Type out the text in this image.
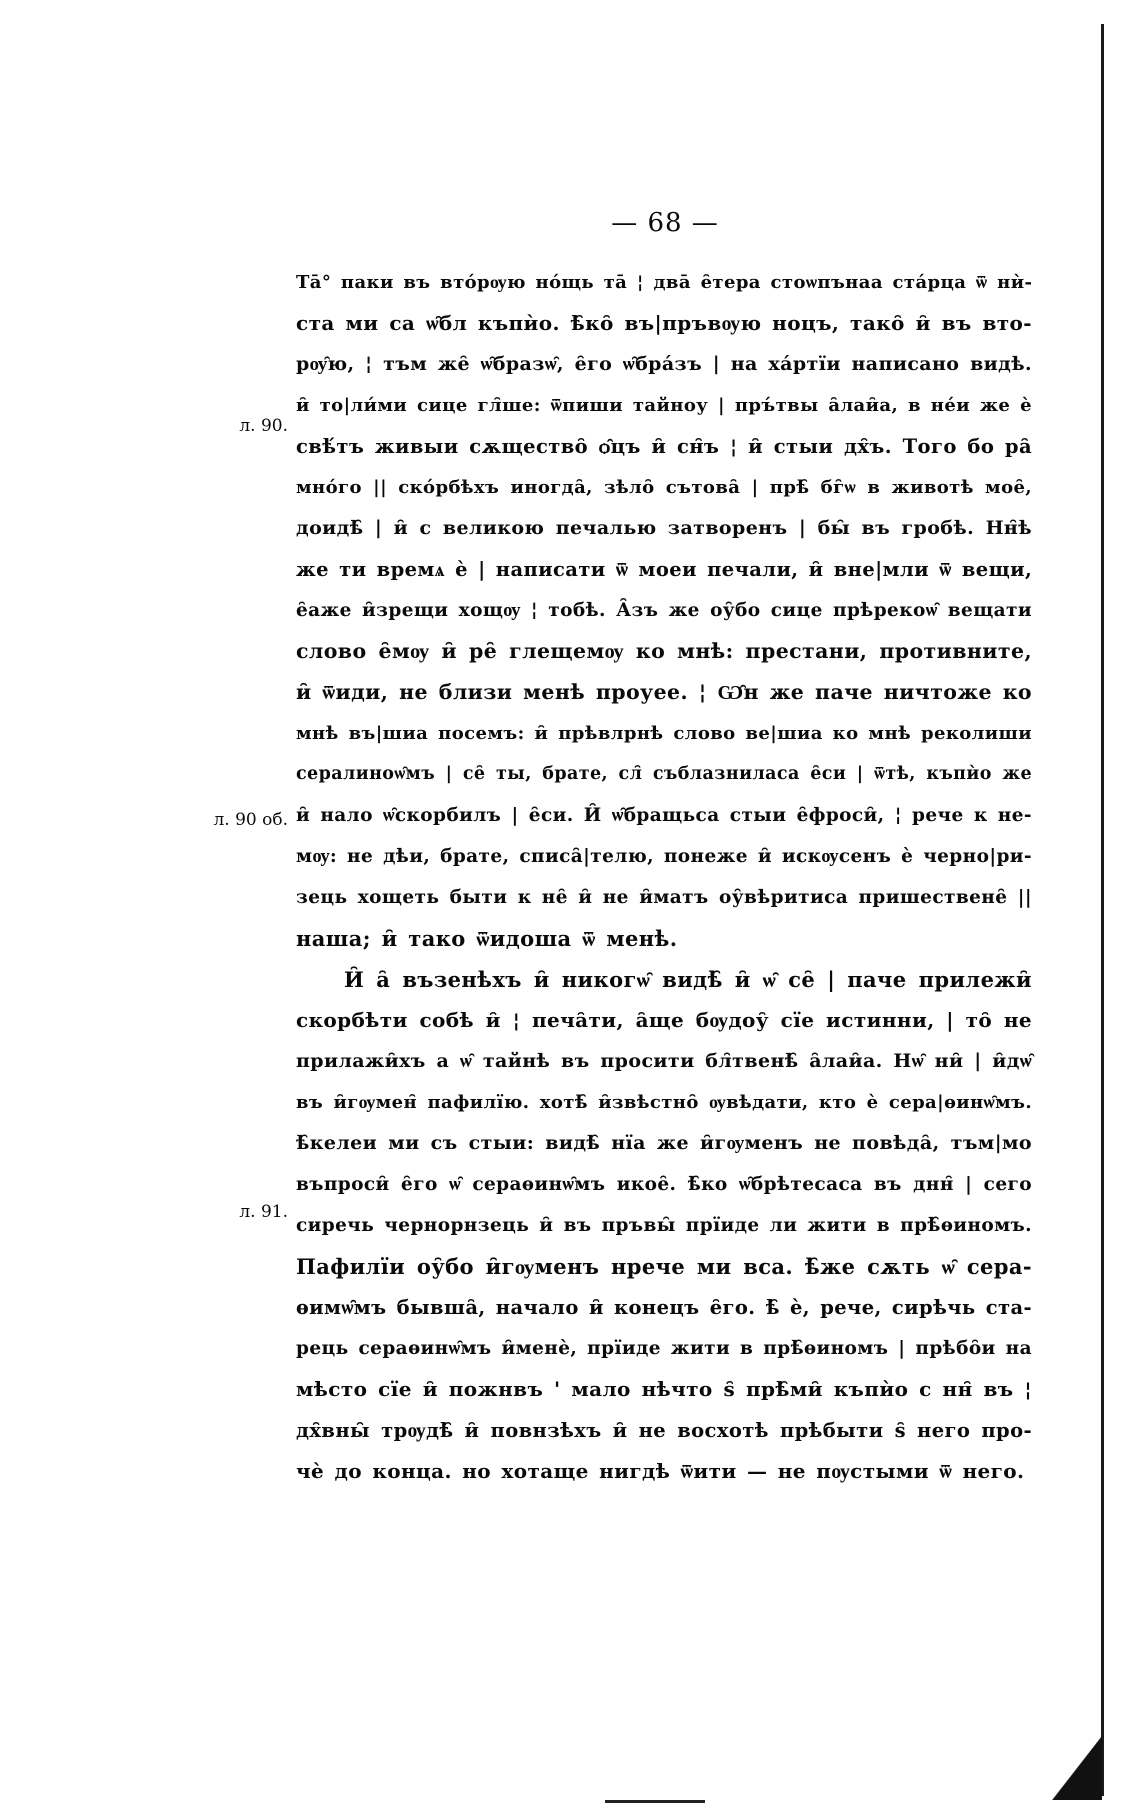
— 68 —
л. 90.
л. 90 об.
л. 91.
Тā° паки въ вто́рѹю но́щь тā ¦ двā е̑тера стоѡпънаа ста́рца ѿ нѝ-
ста ми са ѡ̑бл къпѝо. ѣ̑ко̑ въ|пръвѹю ноцъ, тако̑ и̑ въ вто-
рѹ̑ю, ¦ тъм же̑ ѡ̑бразѡ̑, е̑го ѡ̑бра́зъ | на ха́ртїи написано видѣ.
и̑ то|ли́ми сице гл̑ше: ѿпиши тайноу | пръ́твы а̑лаи̑а, в не́и же ѐ
свѣ́тъ живыи сѫщество̑ ѻ̑цъ и̑ сн̑ъ ¦ и̑ стыи дх̑ъ. Того бо ра̑
мно́го || ско́рбѣхъ иногда̑, зѣло̑ сътова̑ | прѣ̑ бг̑ѡ в животѣ мое̑,
доидѣ̑ | и̑ с великою печалью затворенъ | бы̑ въ гробѣ. Нн̑ѣ
же ти времѧ ѐ | написати ѿ моеи печали, и̑ вне|мли ѿ вещи,
е̑аже и̑зрещи хощѹ ¦ тобѣ. А̑зъ же оу̑бо сице прѣрекоѡ̑ вещати
слово е̑мѹ и̑ ре̑ глещемѹ ко мнѣ: престани, противните,
и̑ ѿиди, не близи менѣ проуее. ¦ Ѡ̑н же паче ничтоже ко
мнѣ въ|шиа посемъ: и̑ прѣвлрнѣ слово ве|шиа ко мнѣ реколиши
сералиноѡ̑мъ | се̑ ты, брате, сл̑ съблазниласа е̑си | ѿтѣ, къпѝо же
и̑ нало ѡ̑скорбилъ | е̑си. И̑ ѡ̑бращьса стыи е̑фроси̑, ¦ рече к не-
мѹ: не дѣи, брате, списа̑|телю, понеже и̑ искѹсенъ ѐ черно|ри-
зець хощеть быти к не̑ и̑ не и̑матъ оу̑вѣритиса пришествене̑ ||
наша; и̑ тако ѿидоша ѿ менѣ.
И̑ а̑ възенѣхъ и̑ никогѡ̑ видѣ̑ и̑ ѡ̑ се̑ | паче прилежи̑
скорбѣти собѣ и̑ ¦ печа̑ти, а̑ще бѹдоу̑ сїе истинни, | то̑ не
прилажи̑хъ а ѡ̑ тайнѣ въ просити бл̑твенѣ̑ а̑лаи̑а. Нѡ̑ ни̑ | и̑дѡ̑
въ и̑гѹмен̑ пафилїю. хотѣ̑ и̑звѣстно̑ ѹвѣдати, кто ѐ сера|ѳинѡ̑мъ.
ѣ̑келеи ми съ стыи: видѣ̑ нїа же и̑гѹменъ не повѣда̑, тъм|мо
въпроси̑ е̑го ѡ̑ сераѳинѡ̑мъ икое̑. ѣ̑ко ѡ̑брѣтесаса въ днн̑ | сего
сиречь чернорнзець и̑ въ пръвы̑ прїиде ли жити в прѣ̑ѳиномъ.
Пафилїи оу̑бо и̑гѹменъ нрече ми вса. ѣ̑же сѫть ѡ̑ сера-
ѳимѡ̑мъ бывша̑, начало и̑ конецъ е̑го. ѣ̑ ѐ, рече, сирѣчь ста-
рець сераѳинѡ̑мъ и̑менѐ, прїиде жити в прѣ̑ѳиномъ | прѣбо̑и на
мѣсто сїе и̑ пожнвъ ' мало нѣчто ѕ̑ прѣ̑ми̑ къпѝо с нн̑ въ ¦
дх̑вны̑ трѹдѣ̑ и̑ повнзѣхъ и̑ не восхотѣ прѣбыти ѕ̑ него про-
чѐ до конца. но хотаще нигдѣ ѿити — не пѹстыми ѿ него.
